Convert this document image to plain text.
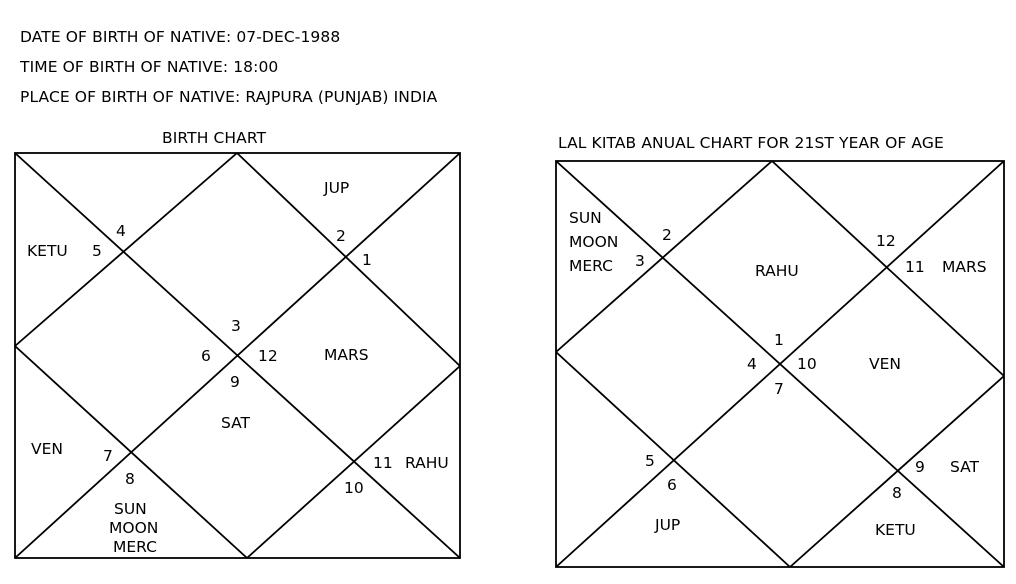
DATE OF BIRTH OF NATIVE: 07-DEC-1988
TIME OF BIRTH OF NATIVE: 18:00
PLACE OF BIRTH OF NATIVE: RAJPURA (PUNJAB) INDIA
BIRTH CHART	LAL KITAB ANUAL CHART FOR 21ST YEAR OF AGE
4
5
2
1
3
6	12
9
7
8
11
10
JUP
KETU
MARS
SAT
VEN
RAHU
SUN
MOON
MERC
2
3
12
11
1
4	10
7
5
6
9
8
SUN
MOON
MERC	RAHU	MARS
VEN
SAT
JUP	KETU
